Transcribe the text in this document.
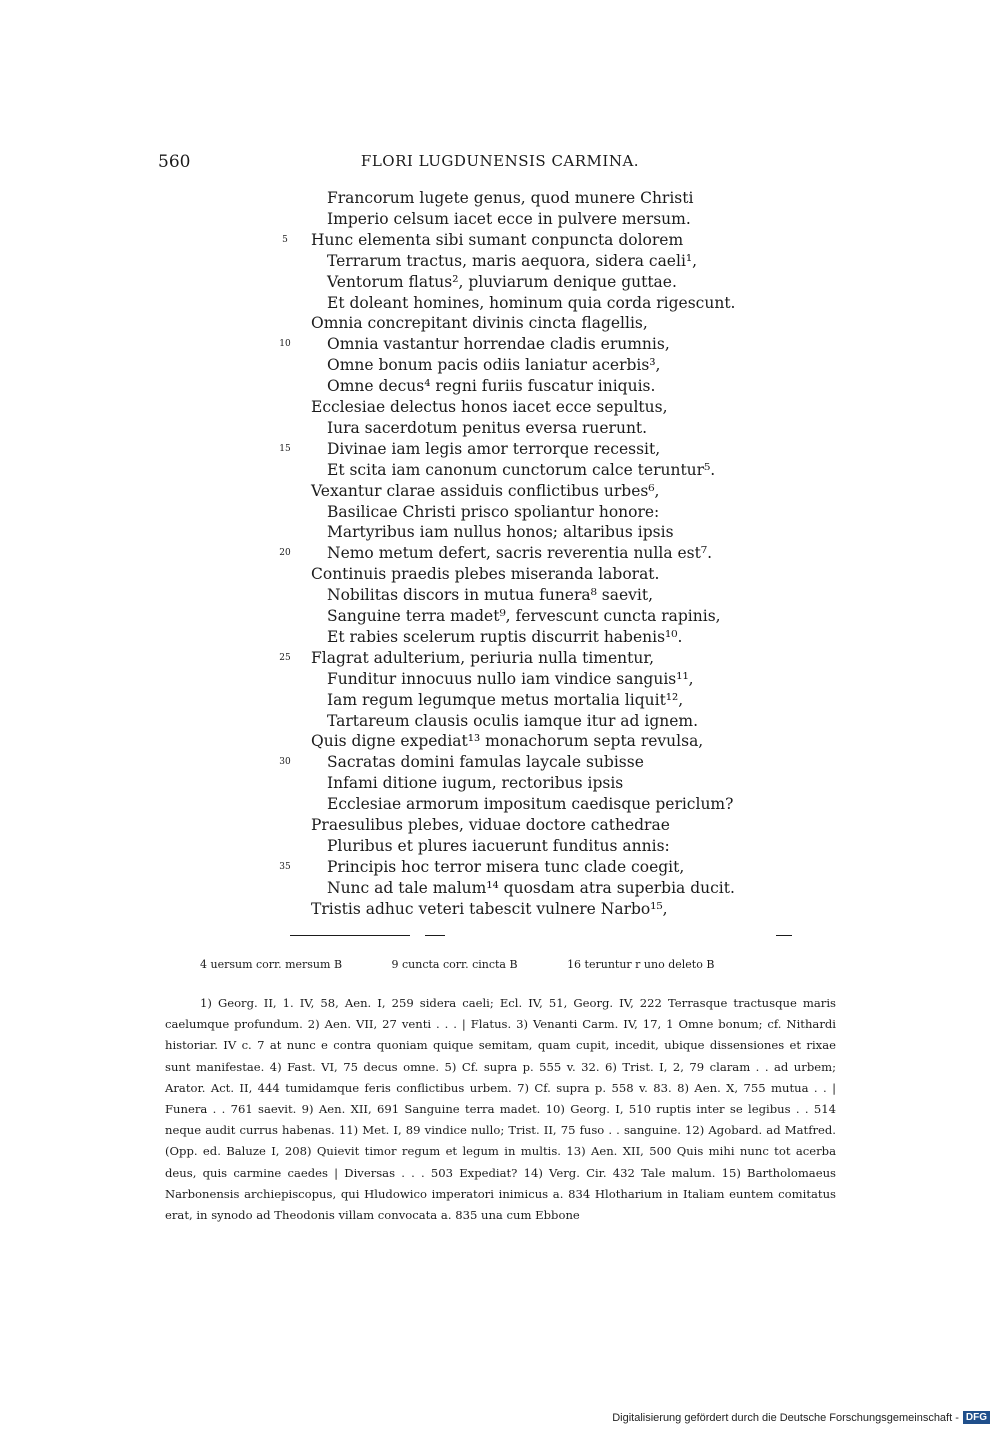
560	FLORI LUGDUNENSIS CARMINA.
Francorum lugete genus, quod munere Christi
Imperio celsum iacet ecce in pulvere mersum.
Hunc elementa sibi sumant conpuncta dolorem
Terrarum tractus, maris aequora, sidera caeli¹,
Ventorum flatus², pluviarum denique guttae.
Et doleant homines, hominum quia corda rigescunt.
Omnia concrepitant divinis cincta flagellis,
Omnia vastantur horrendae cladis erumnis,
Omne bonum pacis odiis laniatur acerbis³,
Omne decus⁴ regni furiis fuscatur iniquis.
Ecclesiae delectus honos iacet ecce sepultus,
Iura sacerdotum penitus eversa ruerunt.
Divinae iam legis amor terrorque recessit,
Et scita iam canonum cunctorum calce teruntur⁵.
Vexantur clarae assiduis conflictibus urbes⁶,
Basilicae Christi prisco spoliantur honore:
Martyribus iam nullus honos; altaribus ipsis
Nemo metum defert, sacris reverentia nulla est⁷.
Continuis praedis plebes miseranda laborat.
Nobilitas discors in mutua funera⁸ saevit,
Sanguine terra madet⁹, fervescunt cuncta rapinis,
Et rabies scelerum ruptis discurrit habenis¹⁰.
Flagrat adulterium, periuria nulla timentur,
Funditur innocuus nullo iam vindice sanguis¹¹,
Iam regum legumque metus mortalia liquit¹²,
Tartareum clausis oculis iamque itur ad ignem.
Quis digne expediat¹³ monachorum septa revulsa,
Sacratas domini famulas laycale subisse
Infami ditione iugum, rectoribus ipsis
Ecclesiae armorum impositum caedisque periclum?
Praesulibus plebes, viduae doctore cathedrae
Pluribus et plures iacuerunt funditus annis:
Principis hoc terror misera tunc clade coegit,
Nunc ad tale malum¹⁴ quosdam atra superbia ducit.
Tristis adhuc veteri tabescit vulnere Narbo¹⁵,
5
10
15
20
25
30
35
4 uersum corr. mersum B	9 cuncta corr. cincta B	16 teruntur r uno deleto B
1) Georg. II, 1. IV, 58, Aen. I, 259 sidera caeli; Ecl. IV, 51, Georg. IV, 222 Terrasque tractusque maris caelumque profundum. 2) Aen. VII, 27 venti . . . | Flatus. 3) Venanti Carm. IV, 17, 1 Omne bonum; cf. Nithardi historiar. IV c. 7 at nunc e contra quoniam quique semitam, quam cupit, incedit, ubique dissensiones et rixae sunt manifestae. 4) Fast. VI, 75 decus omne. 5) Cf. supra p. 555 v. 32. 6) Trist. I, 2, 79 claram . . ad urbem; Arator. Act. II, 444 tumidamque feris conflictibus urbem. 7) Cf. supra p. 558 v. 83. 8) Aen. X, 755 mutua . . | Funera . . 761 saevit. 9) Aen. XII, 691 Sanguine terra madet. 10) Georg. I, 510 ruptis inter se legibus . . 514 neque audit currus habenas. 11) Met. I, 89 vindice nullo; Trist. II, 75 fuso . . sanguine. 12) Agobard. ad Matfred. (Opp. ed. Baluze I, 208) Quievit timor regum et legum in multis. 13) Aen. XII, 500 Quis mihi nunc tot acerba deus, quis carmine caedes | Diversas . . . 503 Expediat? 14) Verg. Cir. 432 Tale malum. 15) Bartholomaeus Narbonensis archiepiscopus, qui Hludowico imperatori inimicus a. 834 Hlotharium in Italiam euntem comitatus erat, in synodo ad Theodonis villam convocata a. 835 una cum Ebbone
Digitalisierung gefördert durch die Deutsche Forschungsgemeinschaft - DFG
